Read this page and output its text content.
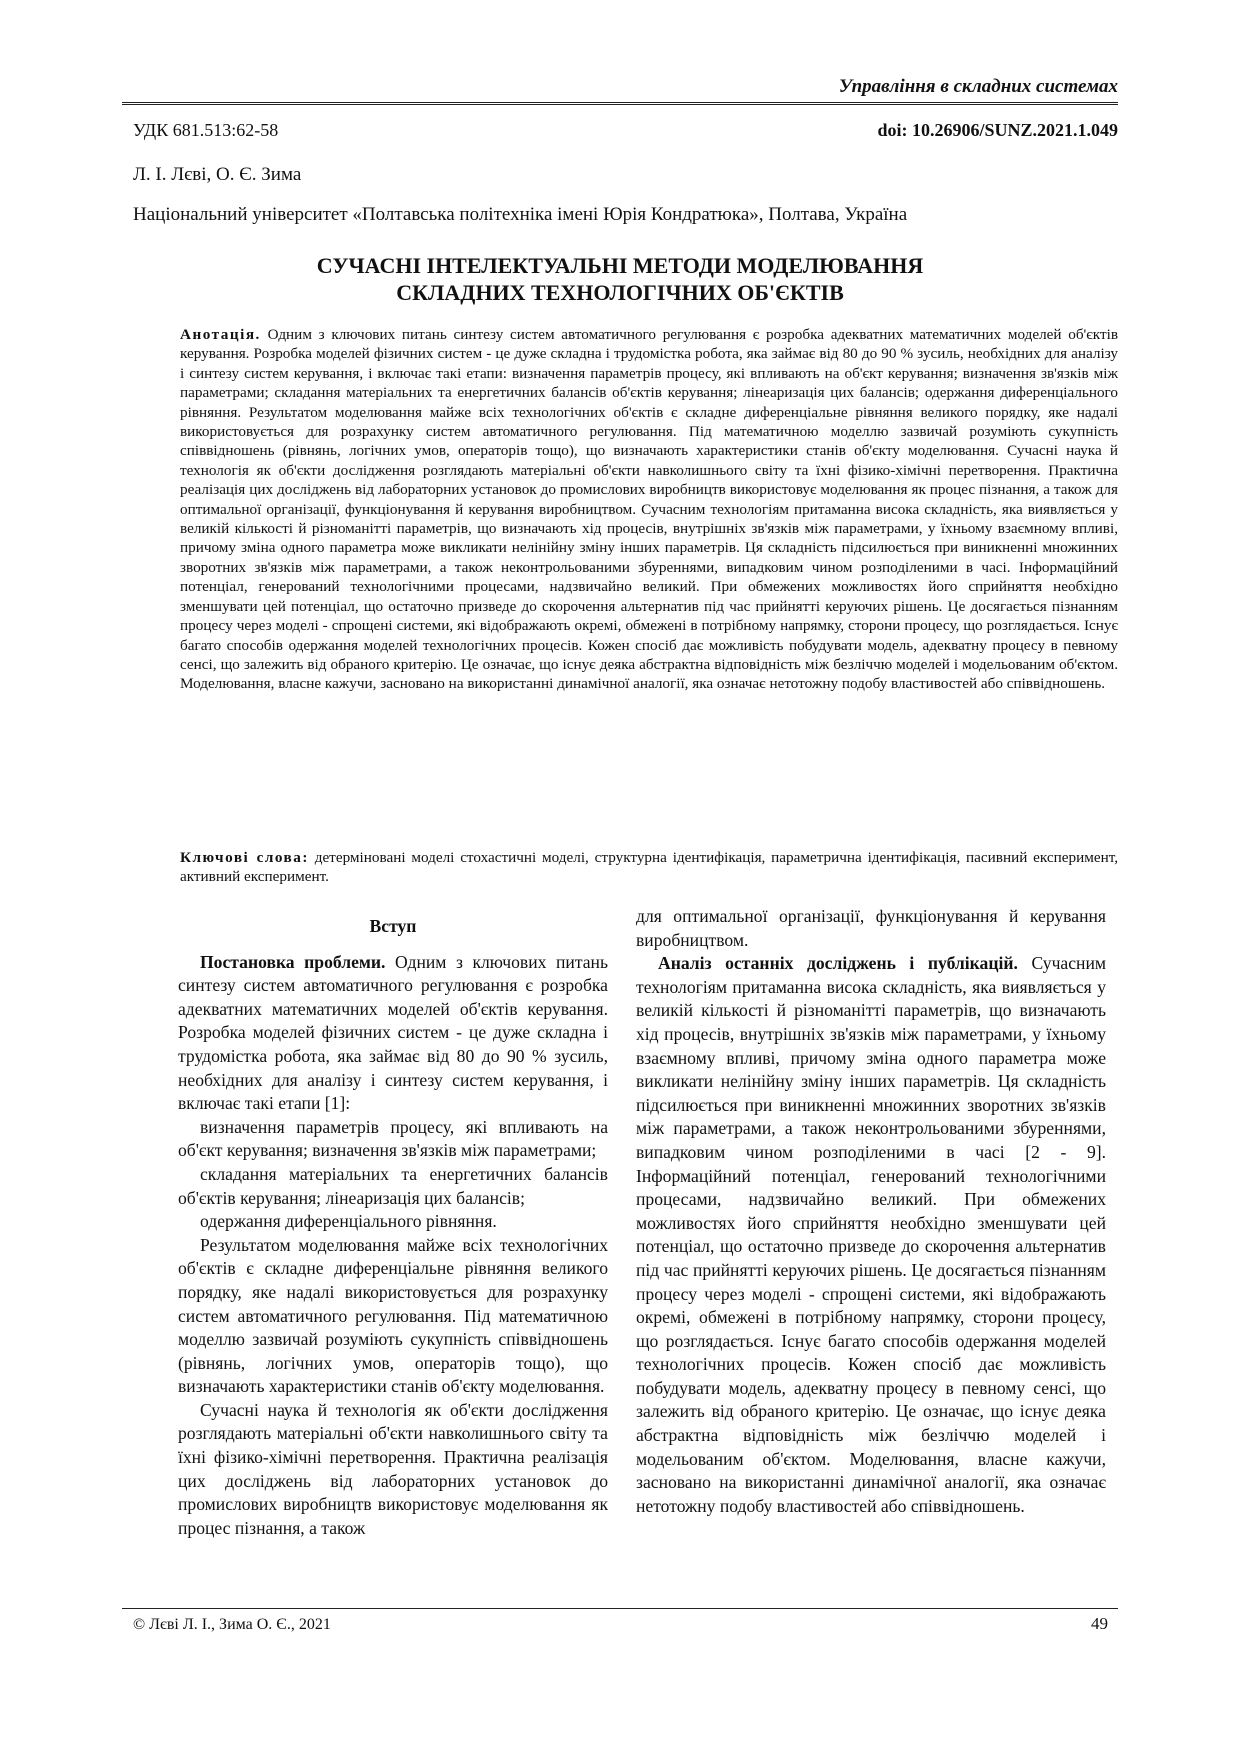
Управління в складних системах
УДК 681.513:62-58	doi: 10.26906/SUNZ.2021.1.049
Л. І. Лєві, О. Є. Зима
Національний університет «Полтавська політехніка імені Юрія Кондратюка», Полтава, Україна
СУЧАСНІ ІНТЕЛЕКТУАЛЬНІ МЕТОДИ МОДЕЛЮВАННЯ
СКЛАДНИХ ТЕХНОЛОГІЧНИХ ОБ'ЄКТІВ
Анотація. Одним з ключових питань синтезу систем автоматичного регулювання є розробка адекватних математичних моделей об'єктів керування. Розробка моделей фізичних систем - це дуже складна і трудомістка робота, яка займає від 80 до 90 % зусиль, необхідних для аналізу і синтезу систем керування, і включає такі етапи: визначення параметрів процесу, які впливають на об'єкт керування; визначення зв'язків між параметрами; складання матеріальних та енергетичних балансів об'єктів керування; лінеаризація цих балансів; одержання диференціального рівняння. Результатом моделювання майже всіх технологічних об'єктів є складне диференціальне рівняння великого порядку, яке надалі використовується для розрахунку систем автоматичного регулювання. Під математичною моделлю зазвичай розуміють сукупність співвідношень (рівнянь, логічних умов, операторів тощо), що визначають характеристики станів об'єкту моделювання. Сучасні наука й технологія як об'єкти дослідження розглядають матеріальні об'єкти навколишнього світу та їхні фізико-хімічні перетворення. Практична реалізація цих досліджень від лабораторних установок до промислових виробництв використовує моделювання як процес пізнання, а також для оптимальної організації, функціонування й керування виробництвом. Сучасним технологіям притаманна висока складність, яка виявляється у великій кількості й різноманітті параметрів, що визначають хід процесів, внутрішніх зв'язків між параметрами, у їхньому взаємному впливі, причому зміна одного параметра може викликати нелінійну зміну інших параметрів. Ця складність підсилюється при виникненні множинних зворотних зв'язків між параметрами, а також неконтрольованими збуреннями, випадковим чином розподіленими в часі. Інформаційний потенціал, генерований технологічними процесами, надзвичайно великий. При обмежених можливостях його сприйняття необхідно зменшувати цей потенціал, що остаточно призведе до скорочення альтернатив під час прийнятті керуючих рішень. Це досягається пізнанням процесу через моделі - спрощені системи, які відображають окремі, обмежені в потрібному напрямку, сторони процесу, що розглядається. Існує багато способів одержання моделей технологічних процесів. Кожен спосіб дає можливість побудувати модель, адекватну процесу в певному сенсі, що залежить від обраного критерію. Це означає, що існує деяка абстрактна відповідність між безліччю моделей і модельованим об'єктом. Моделювання, власне кажучи, засновано на використанні динамічної аналогії, яка означає нетотожну подобу властивостей або співвідношень.
Ключові слова: детерміновані моделі стохастичні моделі, структурна ідентифікація, параметрична ідентифікація, пасивний експеримент, активний експеримент.

Вступ

Постановка проблеми. Одним з ключових питань синтезу систем автоматичного регулювання є розробка адекватних математичних моделей об'єктів керування. Розробка моделей фізичних систем - це дуже складна і трудомістка робота, яка займає від 80 до 90 % зусиль, необхідних для аналізу і синтезу систем керування, і включає такі етапи [1]:

визначення параметрів процесу, які впливають на об'єкт керування; визначення зв'язків між параметрами;

складання матеріальних та енергетичних балансів об'єктів керування; лінеаризація цих балансів;

одержання диференціального рівняння.

Результатом моделювання майже всіх технологічних об'єктів є складне диференціальне рівняння великого порядку, яке надалі використовується для розрахунку систем автоматичного регулювання. Під математичною моделлю зазвичай розуміють сукупність співвідношень (рівнянь, логічних умов, операторів тощо), що визначають характеристики станів об'єкту моделювання.

Сучасні наука й технологія як об'єкти дослідження розглядають матеріальні об'єкти навколишнього світу та їхні фізико-хімічні перетворення. Практична реалізація цих досліджень від лабораторних установок до промислових виробництв використовує моделювання як процес пізнання, а також

для оптимальної організації, функціонування й керування виробництвом.

Аналіз останніх досліджень і публікацій. Сучасним технологіям притаманна висока складність, яка виявляється у великій кількості й різноманітті параметрів, що визначають хід процесів, внутрішніх зв'язків між параметрами, у їхньому взаємному впливі, причому зміна одного параметра може викликати нелінійну зміну інших параметрів. Ця складність підсилюється при виникненні множинних зворотних зв'язків між параметрами, а також неконтрольованими збуреннями, випадковим чином розподіленими в часі [2 - 9]. Інформаційний потенціал, генерований технологічними процесами, надзвичайно великий. При обмежених можливостях його сприйняття необхідно зменшувати цей потенціал, що остаточно призведе до скорочення альтернатив під час прийнятті керуючих рішень. Це досягається пізнанням процесу через моделі - спрощені системи, які відображають окремі, обмежені в потрібному напрямку, сторони процесу, що розглядається. Існує багато способів одержання моделей технологічних процесів. Кожен спосіб дає можливість побудувати модель, адекватну процесу в певному сенсі, що залежить від обраного критерію. Це означає, що існує деяка абстрактна відповідність між безліччю моделей і модельованим об'єктом. Моделювання, власне кажучи, засновано на використанні динамічної аналогії, яка означає нетотожну подобу властивостей або співвідношень.

© Лєві Л. І., Зима О. Є., 2021	49
